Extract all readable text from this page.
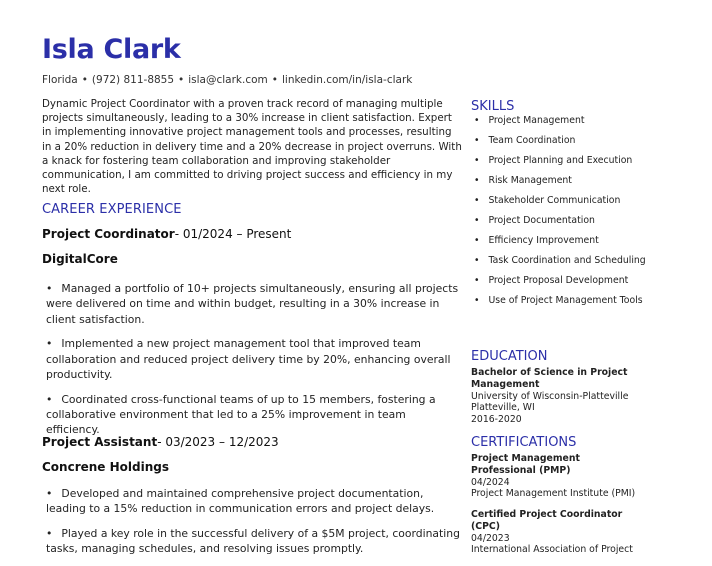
Isla Clark
Florida • (972) 811-8855 • isla@clark.com • linkedin.com/in/isla-clark
Dynamic Project Coordinator with a proven track record of managing multiple projects simultaneously, leading to a 30% increase in client satisfaction. Expert in implementing innovative project management tools and processes, resulting in a 20% reduction in delivery time and a 20% decrease in project overruns. With a knack for fostering team collaboration and improving stakeholder communication, I am committed to driving project success and efficiency in my next role.
CAREER EXPERIENCE
Project Coordinator- 01/2024 – Present
DigitalCore
• Managed a portfolio of 10+ projects simultaneously, ensuring all projects were delivered on time and within budget, resulting in a 30% increase in client satisfaction.
• Implemented a new project management tool that improved team collaboration and reduced project delivery time by 20%, enhancing overall productivity.
• Coordinated cross-functional teams of up to 15 members, fostering a collaborative environment that led to a 25% improvement in team efficiency.
Project Assistant- 03/2023 – 12/2023
Concrene Holdings
• Developed and maintained comprehensive project documentation, leading to a 15% reduction in communication errors and project delays.
• Played a key role in the successful delivery of a $5M project, coordinating tasks, managing schedules, and resolving issues promptly.
SKILLS
• Project Management
• Team Coordination
• Project Planning and Execution
• Risk Management
• Stakeholder Communication
• Project Documentation
• Efficiency Improvement
• Task Coordination and Scheduling
• Project Proposal Development
• Use of Project Management Tools
EDUCATION
Bachelor of Science in Project Management
University of Wisconsin-Platteville
Platteville, WI
2016-2020
CERTIFICATIONS
Project Management Professional (PMP)
04/2024
Project Management Institute (PMI)
Certified Project Coordinator (CPC)
04/2023
International Association of Project
